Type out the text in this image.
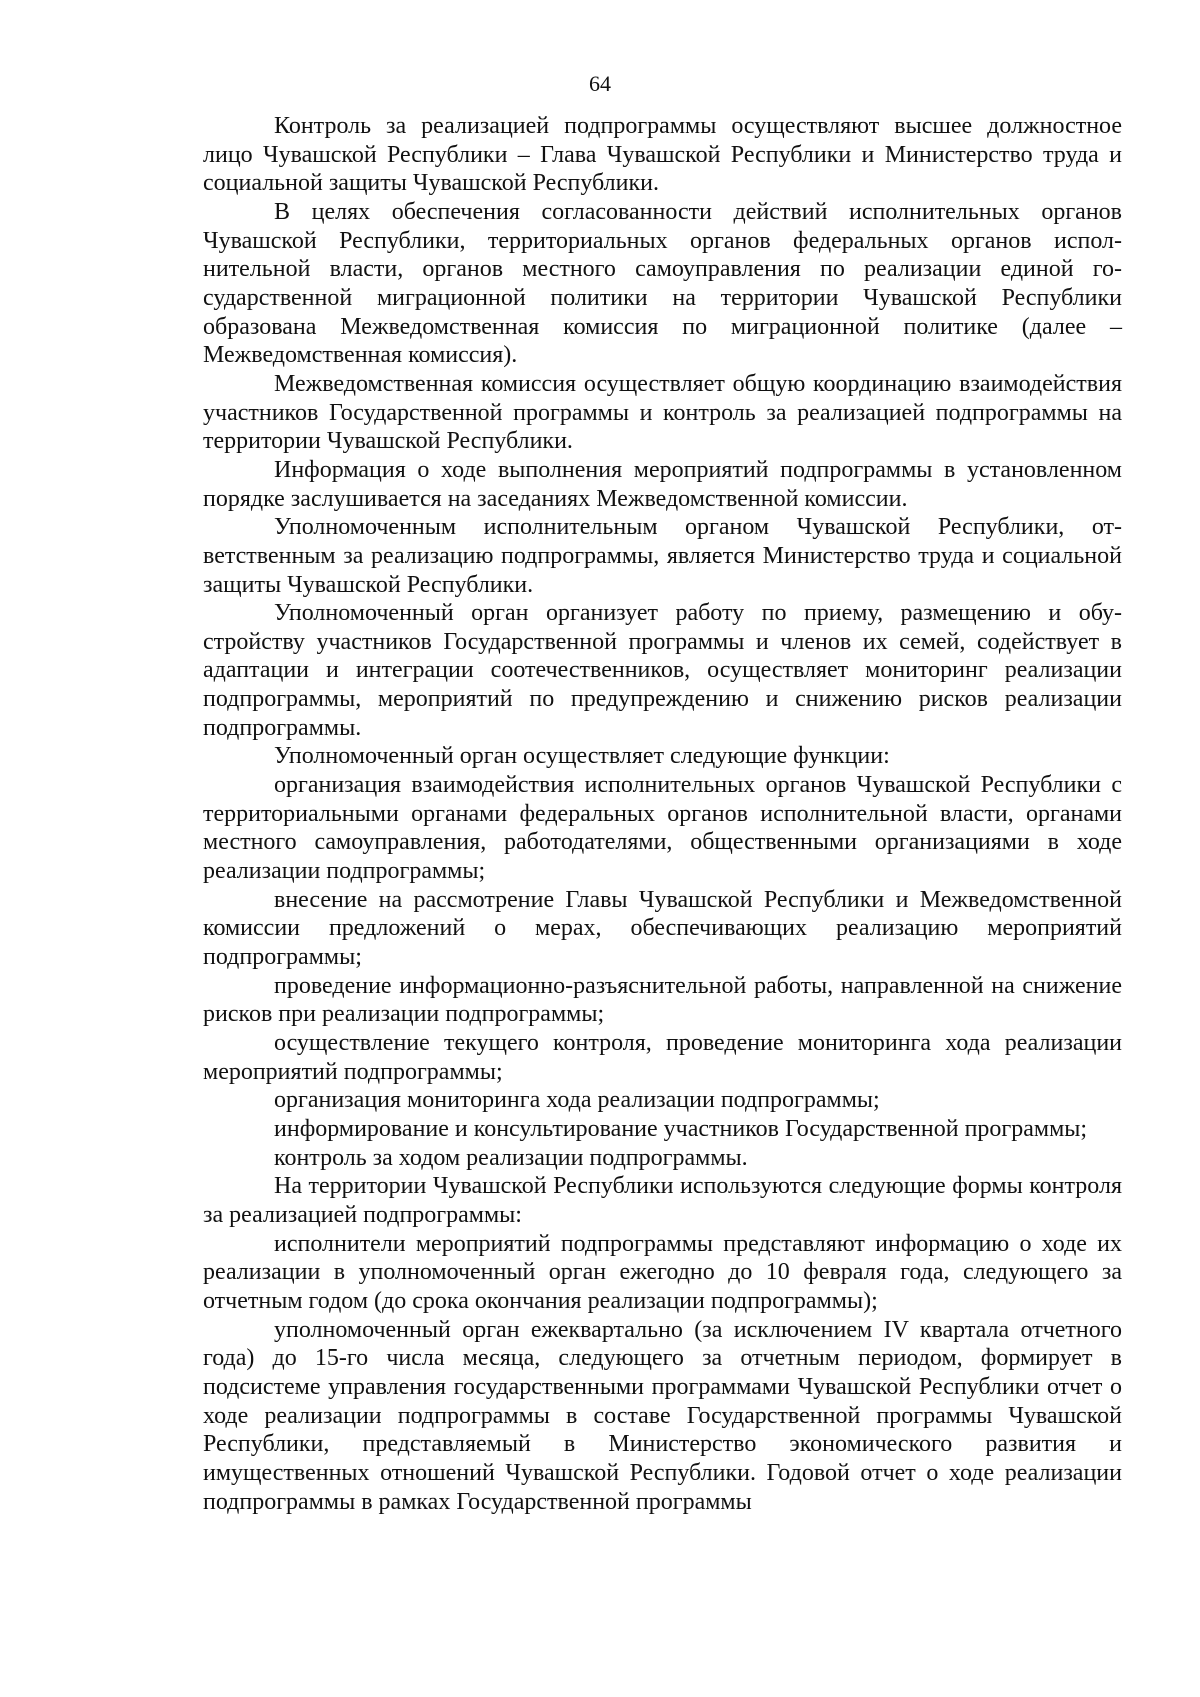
64

Контроль за реализацией подпрограммы осуществляют высшее должностное лицо Чувашской Республики – Глава Чувашской Республики и Министерство труда и социальной защиты Чувашской Республики.

В целях обеспечения согласованности действий исполнительных органов Чувашской Республики, территориальных органов федеральных органов исполнительной власти, органов местного самоуправления по реализации единой государственной миграционной политики на территории Чувашской Республики образована Межведомственная комиссия по миграционной политике (далее – Межведомственная комиссия).

Межведомственная комиссия осуществляет общую координацию взаимодействия участников Государственной программы и контроль за реализацией подпрограммы на территории Чувашской Республики.

Информация о ходе выполнения мероприятий подпрограммы в установленном порядке заслушивается на заседаниях Межведомственной комиссии.

Уполномоченным исполнительным органом Чувашской Республики, ответственным за реализацию подпрограммы, является Министерство труда и социальной защиты Чувашской Республики.

Уполномоченный орган организует работу по приему, размещению и обустройству участников Государственной программы и членов их семей, содействует в адаптации и интеграции соотечественников, осуществляет мониторинг реализации подпрограммы, мероприятий по предупреждению и снижению рисков реализации подпрограммы.

Уполномоченный орган осуществляет следующие функции:

организация взаимодействия исполнительных органов Чувашской Республики с территориальными органами федеральных органов исполнительной власти, органами местного самоуправления, работодателями, общественными организациями в ходе реализации подпрограммы;

внесение на рассмотрение Главы Чувашской Республики и Межведомственной комиссии предложений о мерах, обеспечивающих реализацию мероприятий подпрограммы;

проведение информационно-разъяснительной работы, направленной на снижение рисков при реализации подпрограммы;

осуществление текущего контроля, проведение мониторинга хода реализации мероприятий подпрограммы;

организация мониторинга хода реализации подпрограммы;

информирование и консультирование участников Государственной программы;

контроль за ходом реализации подпрограммы.

На территории Чувашской Республики используются следующие формы контроля за реализацией подпрограммы:

исполнители мероприятий подпрограммы представляют информацию о ходе их реализации в уполномоченный орган ежегодно до 10 февраля года, следующего за отчетным годом (до срока окончания реализации подпрограммы);

уполномоченный орган ежеквартально (за исключением IV квартала отчетного года) до 15-го числа месяца, следующего за отчетным периодом, формирует в подсистеме управления государственными программами Чувашской Республики отчет о ходе реализации подпрограммы в составе Государственной программы Чувашской Республики, представляемый в Министерство экономического развития и имущественных отношений Чувашской Республики. Годовой отчет о ходе реализации подпрограммы в рамках Государственной программы
